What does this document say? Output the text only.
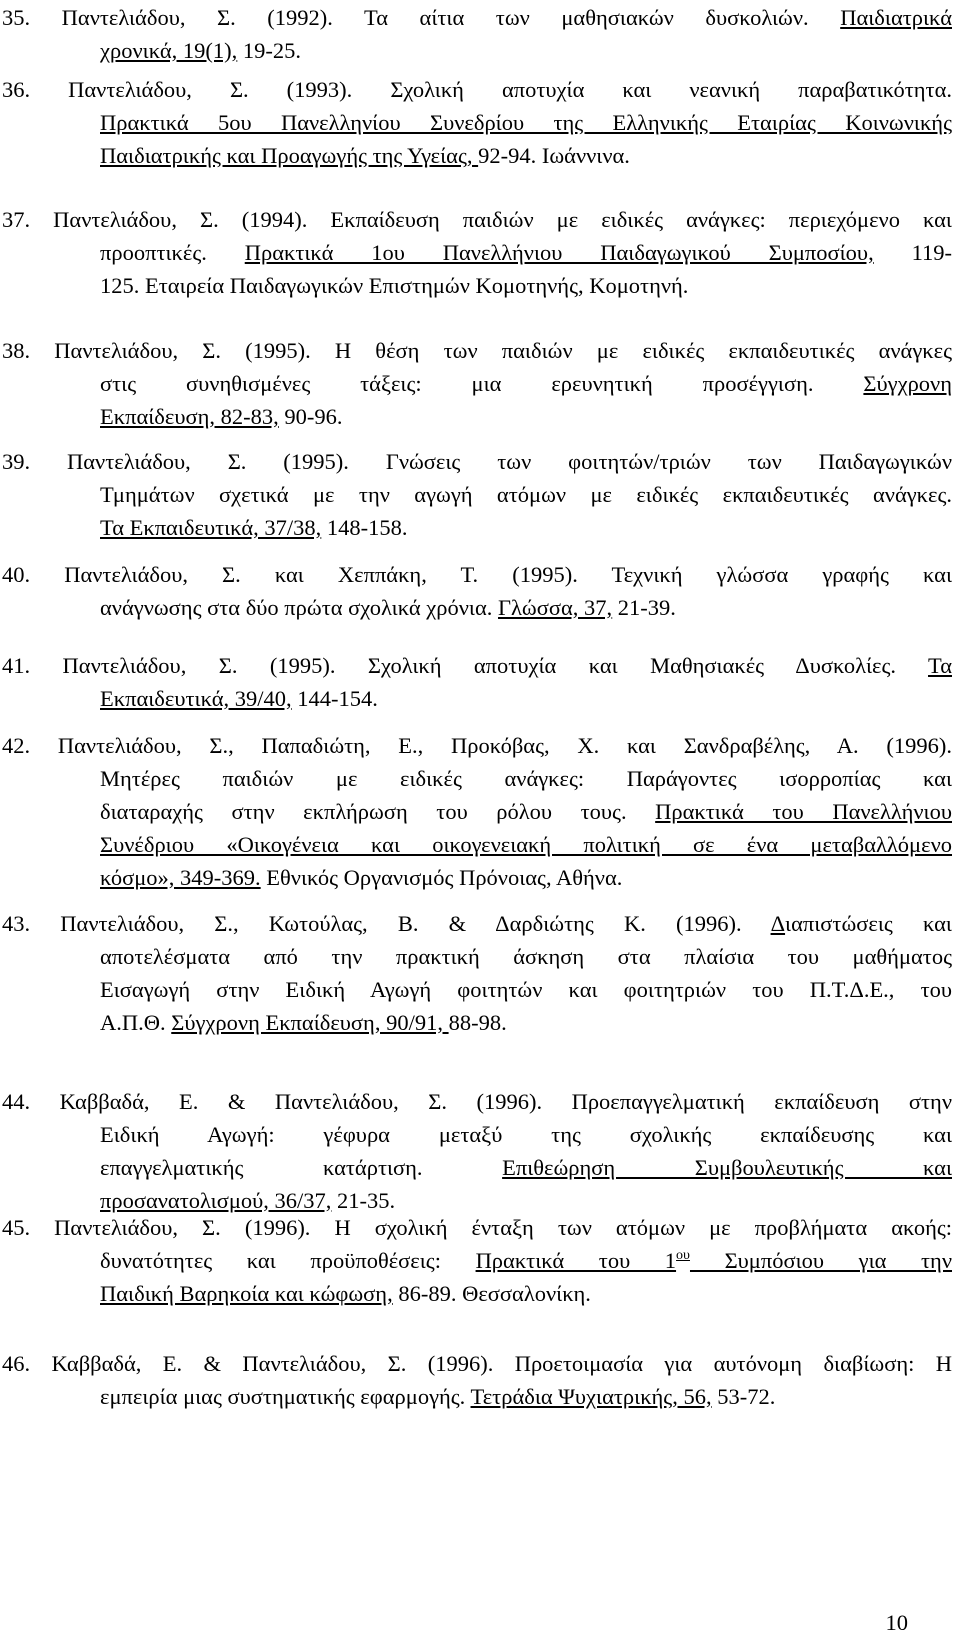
35. Παντελιάδου, Σ. (1992). Τα αίτια των μαθησιακών δυσκολιών. Παιδιατρικά
χρονικά, 19(1), 19-25.
36. Παντελιάδου, Σ. (1993). Σχολική αποτυχία και νεανική παραβατικότητα.
Πρακτικά 5ου Πανελληνίου Συνεδρίου της Ελληνικής Εταιρίας Κοινωνικής
Παιδιατρικής και Προαγωγής της Υγείας, 92-94. Ιωάννινα.
37. Παντελιάδου, Σ. (1994). Εκπαίδευση παιδιών με ειδικές ανάγκες: περιεχόμενο και
προοπτικές. Πρακτικά 1ου Πανελλήνιου Παιδαγωγικού Συμποσίου, 119-
125. Εταιρεία Παιδαγωγικών Επιστημών Κομοτηνής, Κομοτηνή.
38. Παντελιάδου, Σ. (1995). Η θέση των παιδιών με ειδικές εκπαιδευτικές ανάγκες
στις συνηθισμένες τάξεις: μια ερευνητική προσέγγιση. Σύγχρονη
Εκπαίδευση, 82-83, 90-96.
39. Παντελιάδου, Σ. (1995). Γνώσεις των φοιτητών/τριών των Παιδαγωγικών
Τμημάτων σχετικά με την αγωγή ατόμων με ειδικές εκπαιδευτικές ανάγκες.
Τα Εκπαιδευτικά, 37/38, 148-158.
40. Παντελιάδου, Σ. και Χεππάκη, Τ. (1995). Τεχνική γλώσσα γραφής και
ανάγνωσης στα δύο πρώτα σχολικά χρόνια. Γλώσσα, 37, 21-39.
41. Παντελιάδου, Σ. (1995). Σχολική αποτυχία και Μαθησιακές Δυσκολίες. Τα
Εκπαιδευτικά, 39/40, 144-154.
42. Παντελιάδου, Σ., Παπαδιώτη, Ε., Προκόβας, Χ. και Σανδραβέλης, Α. (1996).
Μητέρες παιδιών με ειδικές ανάγκες: Παράγοντες ισορροπίας και
διαταραχής στην εκπλήρωση του ρόλου τους. Πρακτικά του Πανελλήνιου
Συνέδριου «Οικογένεια και οικογενειακή πολιτική σε ένα μεταβαλλόμενο
κόσμο», 349-369. Εθνικός Οργανισμός Πρόνοιας, Αθήνα.
43. Παντελιάδου, Σ., Κωτούλας, Β. & Δαρδιώτης Κ. (1996). Διαπιστώσεις και
αποτελέσματα από την πρακτική άσκηση στα πλαίσια του μαθήματος
Εισαγωγή στην Ειδική Αγωγή φοιτητών και φοιτητριών του Π.Τ.Δ.Ε., του
Α.Π.Θ. Σύγχρονη Εκπαίδευση, 90/91, 88-98.
44. Καββαδά, Ε. & Παντελιάδου, Σ. (1996). Προεπαγγελματική εκπαίδευση στην
Ειδική Αγωγή: γέφυρα μεταξύ της σχολικής εκπαίδευσης και
επαγγελματικής κατάρτιση. Επιθεώρηση Συμβουλευτικής και
προσανατολισμού, 36/37, 21-35.
45. Παντελιάδου, Σ. (1996). Η σχολική ένταξη των ατόμων με προβλήματα ακοής:
δυνατότητες και προϋποθέσεις: Πρακτικά του $1^{o\upsilon}$ Συμπόσιου για την
Παιδική Βαρηκοία και κώφωση, 86-89. Θεσσαλονίκη.
46. Καββαδά, Ε. & Παντελιάδου, Σ. (1996). Προετοιμασία για αυτόνομη διαβίωση: Η
εμπειρία μιας συστηματικής εφαρμογής. Τετράδια Ψυχιατρικής, 56, 53-72.
10
